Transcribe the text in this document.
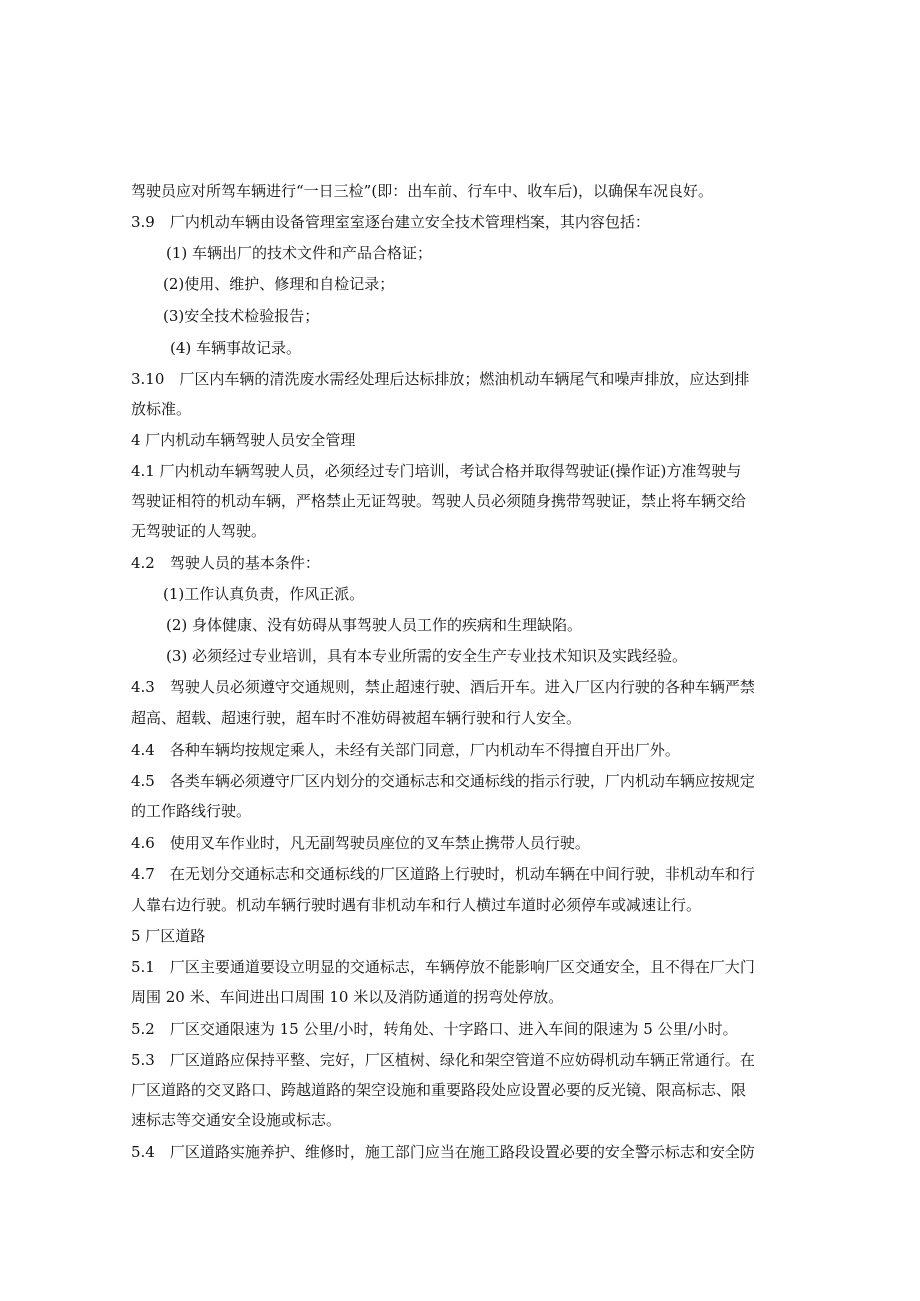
驾驶员应对所驾车辆进行“一日三检”(即：出车前、行车中、收车后)，以确保车况良好。

3.9　厂内机动车辆由设备管理室室逐台建立安全技术管理档案，其内容包括：

(1) 车辆出厂的技术文件和产品合格证；

(2)使用、维护、修理和自检记录；

(3)安全技术检验报告；

(4) 车辆事故记录。

3.10　厂区内车辆的清洗废水需经处理后达标排放；燃油机动车辆尾气和噪声排放，应达到排

放标准。

4 厂内机动车辆驾驶人员安全管理

4.1 厂内机动车辆驾驶人员，必须经过专门培训，考试合格并取得驾驶证(操作证)方准驾驶与

驾驶证相符的机动车辆，严格禁止无证驾驶。驾驶人员必须随身携带驾驶证，禁止将车辆交给

无驾驶证的人驾驶。

4.2　驾驶人员的基本条件：

(1)工作认真负责，作风正派。

(2) 身体健康、没有妨碍从事驾驶人员工作的疾病和生理缺陷。

(3) 必须经过专业培训，具有本专业所需的安全生产专业技术知识及实践经验。

4.3　驾驶人员必须遵守交通规则，禁止超速行驶、酒后开车。进入厂区内行驶的各种车辆严禁

超高、超载、超速行驶，超车时不准妨碍被超车辆行驶和行人安全。

4.4　各种车辆均按规定乘人，未经有关部门同意，厂内机动车不得擅自开出厂外。

4.5　各类车辆必须遵守厂区内划分的交通标志和交通标线的指示行驶，厂内机动车辆应按规定

的工作路线行驶。

4.6　使用叉车作业时，凡无副驾驶员座位的叉车禁止携带人员行驶。

4.7　在无划分交通标志和交通标线的厂区道路上行驶时，机动车辆在中间行驶，非机动车和行

人靠右边行驶。机动车辆行驶时遇有非机动车和行人横过车道时必须停车或减速让行。

5 厂区道路

5.1　厂区主要通道要设立明显的交通标志，车辆停放不能影响厂区交通安全，且不得在厂大门

周围 20 米、车间进出口周围 10 米以及消防通道的拐弯处停放。

5.2　厂区交通限速为 15 公里/小时，转角处、十字路口、进入车间的限速为 5 公里/小时。

5.3　厂区道路应保持平整、完好，厂区植树、绿化和架空管道不应妨碍机动车辆正常通行。在

厂区道路的交叉路口、跨越道路的架空设施和重要路段处应设置必要的反光镜、限高标志、限

速标志等交通安全设施或标志。

5.4　厂区道路实施养护、维修时，施工部门应当在施工路段设置必要的安全警示标志和安全防
